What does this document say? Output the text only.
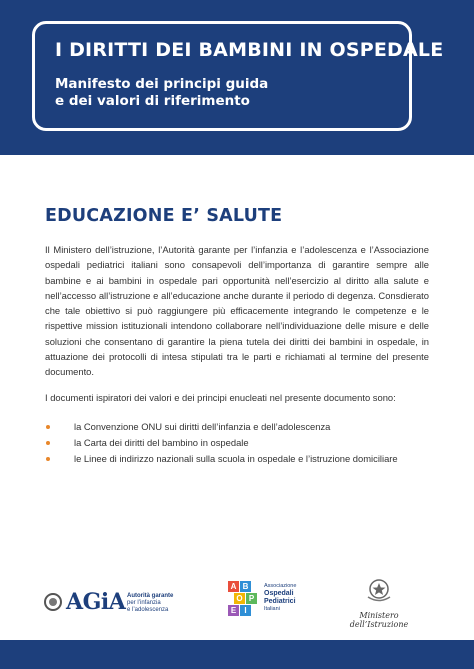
I DIRITTI DEI BAMBINI IN OSPEDALE
Manifesto dei principi guida
e dei valori di riferimento
EDUCAZIONE E’ SALUTE

Il Ministero dell’istruzione, l’Autorità garante per l’infanzia e l’adolescenza e l’Associazione ospedali pediatrici italiani sono consapevoli dell’importanza di garantire sempre alle bambine e ai bambini in ospedale pari opportunità nell’esercizio al diritto alla salute e nell’accesso all’istruzione e all’educazione anche durante il periodo di degenza. Consdierato che tale obiettivo si può raggiungere più efficacemente integrando le competenze e le rispettive mission istituzionali intendono collaborare nell’individuazione delle misure e delle soluzioni che consentano di garantire la piena tutela dei diritti dei bambini in ospedale, in attuazione dei protocolli di intesa stipulati tra le parti e richiamati al termine del presente documento.

I documenti ispiratori dei valori e dei principi enucleati nel presente documento sono:
la Convenzione ONU sui diritti dell’infanzia e dell’adolescenza
la Carta dei diritti del bambino in ospedale
le Linee di indirizzo nazionali sulla scuola in ospedale e l’istruzione domiciliare
AGiA Autorità garante
per l’infanzia
e l’adolescenza
A B
O P
E	I
Associazione
Ospedali
Pediatrici
Italiani
Ministero dell’Istruzione
